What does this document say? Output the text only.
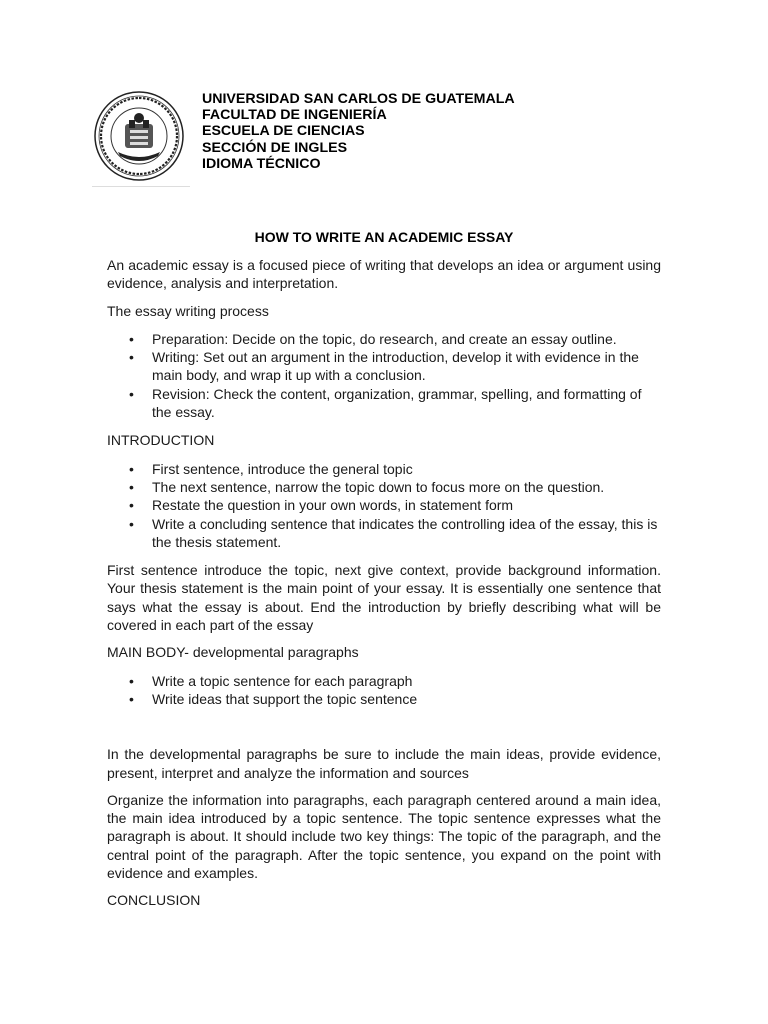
UNIVERSIDAD SAN CARLOS DE GUATEMALA
FACULTAD DE INGENIERÍA
ESCUELA DE CIENCIAS
SECCIÓN DE INGLES
IDIOMA TÉCNICO
HOW TO WRITE AN ACADEMIC ESSAY

An academic essay is a focused piece of writing that develops an idea or argument using evidence, analysis and interpretation.

The essay writing process

• Preparation: Decide on the topic, do research, and create an essay outline.
• Writing: Set out an argument in the introduction, develop it with evidence in the main body, and wrap it up with a conclusion.
• Revision: Check the content, organization, grammar, spelling, and formatting of the essay.

INTRODUCTION

• First sentence, introduce the general topic
• The next sentence, narrow the topic down to focus more on the question.
• Restate the question in your own words, in statement form
• Write a concluding sentence that indicates the controlling idea of the essay, this is the thesis statement.

First sentence introduce the topic, next give context, provide background information. Your thesis statement is the main point of your essay. It is essentially one sentence that says what the essay is about. End the introduction by briefly describing what will be covered in each part of the essay

MAIN BODY- developmental paragraphs

• Write a topic sentence for each paragraph
• Write ideas that support the topic sentence

In the developmental paragraphs be sure to include the main ideas, provide evidence, present, interpret and analyze the information and sources

Organize the information into paragraphs, each paragraph centered around a main idea, the main idea introduced by a topic sentence. The topic sentence expresses what the paragraph is about. It should include two key things: The topic of the paragraph, and the central point of the paragraph. After the topic sentence, you expand on the point with evidence and examples.

CONCLUSION
